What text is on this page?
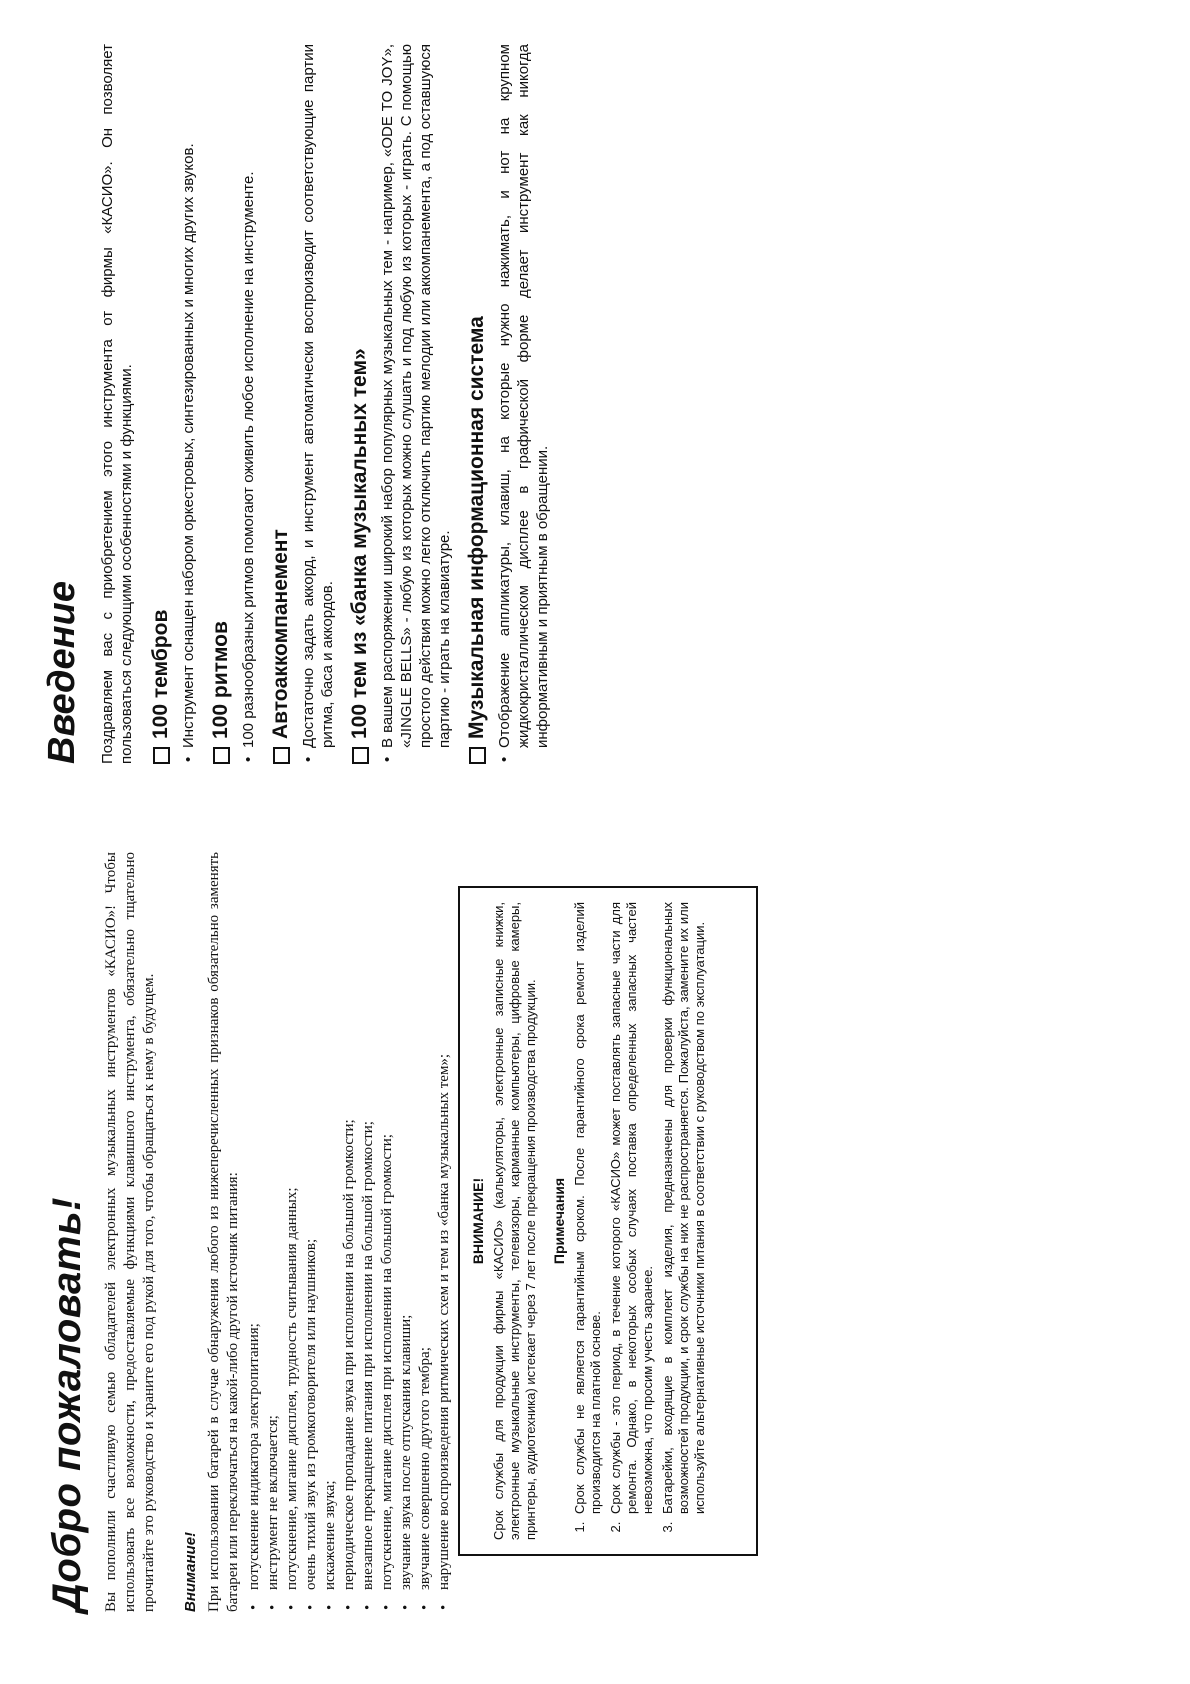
Добро пожаловать! Вы пополнили счастливую семью обладателей электронных музыкальных инструментов «КАСИО»! Чтобы использовать все возможности, предоставляемые функциями клавишного инструмента, обязательно тщательно прочитайте это руководство и храните его под рукой для того, чтобы обращаться к нему в будущем. Внимание! При использовании батарей в случае обнаружения любого из нижеперечисленных признаков обязательно заменять батареи или переключаться на какой-либо другой источник питания: • потускнение индикатора электропитания; • инструмент не включается; • потускнение, мигание дисплея, трудность считывания данных; • очень тихий звук из громкоговорителя или наушников; • искажение звука; • периодическое пропадание звука при исполнении на большой громкости; • внезапное прекращение питания при исполнении на большой громкости; • потускнение, мигание дисплея при исполнении на большой громкости; • звучание звука после отпускания клавиши; • звучание совершенно другого тембра; • нарушение воспроизведения ритмических схем и тем из «банка музыкальных тем»; ВНИМАНИЕ! Срок службы для продукции фирмы «КАСИО» (калькуляторы, электронные записные книжки, электронные музыкальные инструменты, телевизоры, карманные компьютеры, цифровые камеры, принтеры, аудиотехника) истекает через 7 лет после прекращения производства продукции. Примечания 1. Срок службы не является гарантийным сроком. После гарантийного срока ремонт изделий производится на платной основе. 2. Срок службы - это период, в течение которого «КАСИО» может поставлять запасные части для ремонта. Однако, в некоторых особых случаях поставка определенных запасных частей невозможна, что просим учесть заранее. 3. Батарейки, входящие в комплект изделия, предназначены для проверки функциональных возможностей продукции, и срок службы на них не распространяется. Пожалуйста, замените их или используйте альтернативные источники питания в соответствии с руководством по эксплуатации.
Введение Поздравляем вас с приобретением этого инструмента от фирмы «КАСИО». Он позволяет пользоваться следующими особенностями и функциями. 100 тембров • Инструмент оснащен набором оркестровых, синтезированных и многих других звуков. 100 ритмов • 100 разнообразных ритмов помогают оживить любое исполнение на инструменте. Автоаккомпанемент • Достаточно задать аккорд, и инструмент автоматически воспроизводит соответствующие партии ритма, баса и аккордов. 100 тем из «банка музыкальных тем» • В вашем распоряжении широкий набор популярных музыкальных тем - например, «ODE TO JOY», «JINGLE BELLS» - любую из которых можно слушать и под любую из которых - играть. С помощью простого действия можно легко отключить партию мелодии или аккомпанемента, а под оставшуюся партию - играть на клавиатуре. Музыкальная информационная система • Отображение аппликатуры, клавиш, на которые нужно нажимать, и нот на крупном жидкокристаллическом дисплее в графической форме делает инструмент как никогда информативным и приятным в обращении.
